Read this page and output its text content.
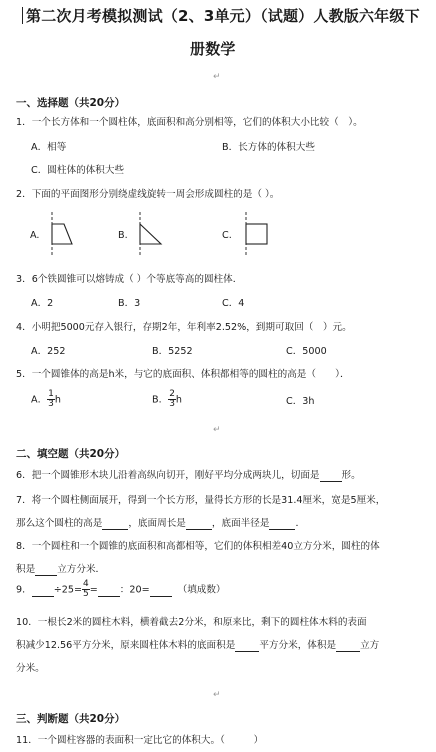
第二次月考模拟测试（2、3单元）（试题）人教版六年级下
册数学
↵
一、选择题（共20分）
1．一个长方体和一个圆柱体，底面积和高分别相等，它们的体积大小比较（　）。
A．相等	B．长方体的体积大些
C．圆柱体的体积大些
2．下面的平面图形分别绕虚线旋转一周会形成圆柱的是（ ）。
A.	B.	C.
3．6个铁圆锥可以熔铸成（ ）个等底等高的圆柱体．
A．2	B．3	C．4
4．小明把5000元存入银行，存期2年，年利率2.52%，到期可取回（　）元。
A．252	B．5252	C．5000
5．一个圆锥体的高是h米，与它的底面积、体积都相等的圆柱的高是（　　）．
A． $\frac{1}{3}$ h	B． $\frac{2}{3}$ h	C．3h
↵
二、填空题（共20分）
6．把一个圆锥形木块儿沿着高纵向切开，刚好平均分成两块儿，切面是 形。
7．将一个圆柱侧面展开，得到一个长方形，量得长方形的长是31.4厘米，宽是5厘米，
那么这个圆柱的高是	，底面周长是	，底面半径是	．
8．一个圆柱和一个圆锥的底面积和高都相等，它们的体积相差40立方分米，圆柱的体
积是 立方分米．
9． $\div 25= \frac{4}{5}$ = ：20=	（填成数）
10．一根长2米的圆柱木料，横着截去2分米，和原来比，剩下的圆柱体木料的表面
积减少12.56平方分米，原来圆柱体木料的底面积是	平方分米，体积是	立方
分米。
↵
三、判断题（共20分）
11．一个圆柱容器的表面积一定比它的体积大。（　　　）
